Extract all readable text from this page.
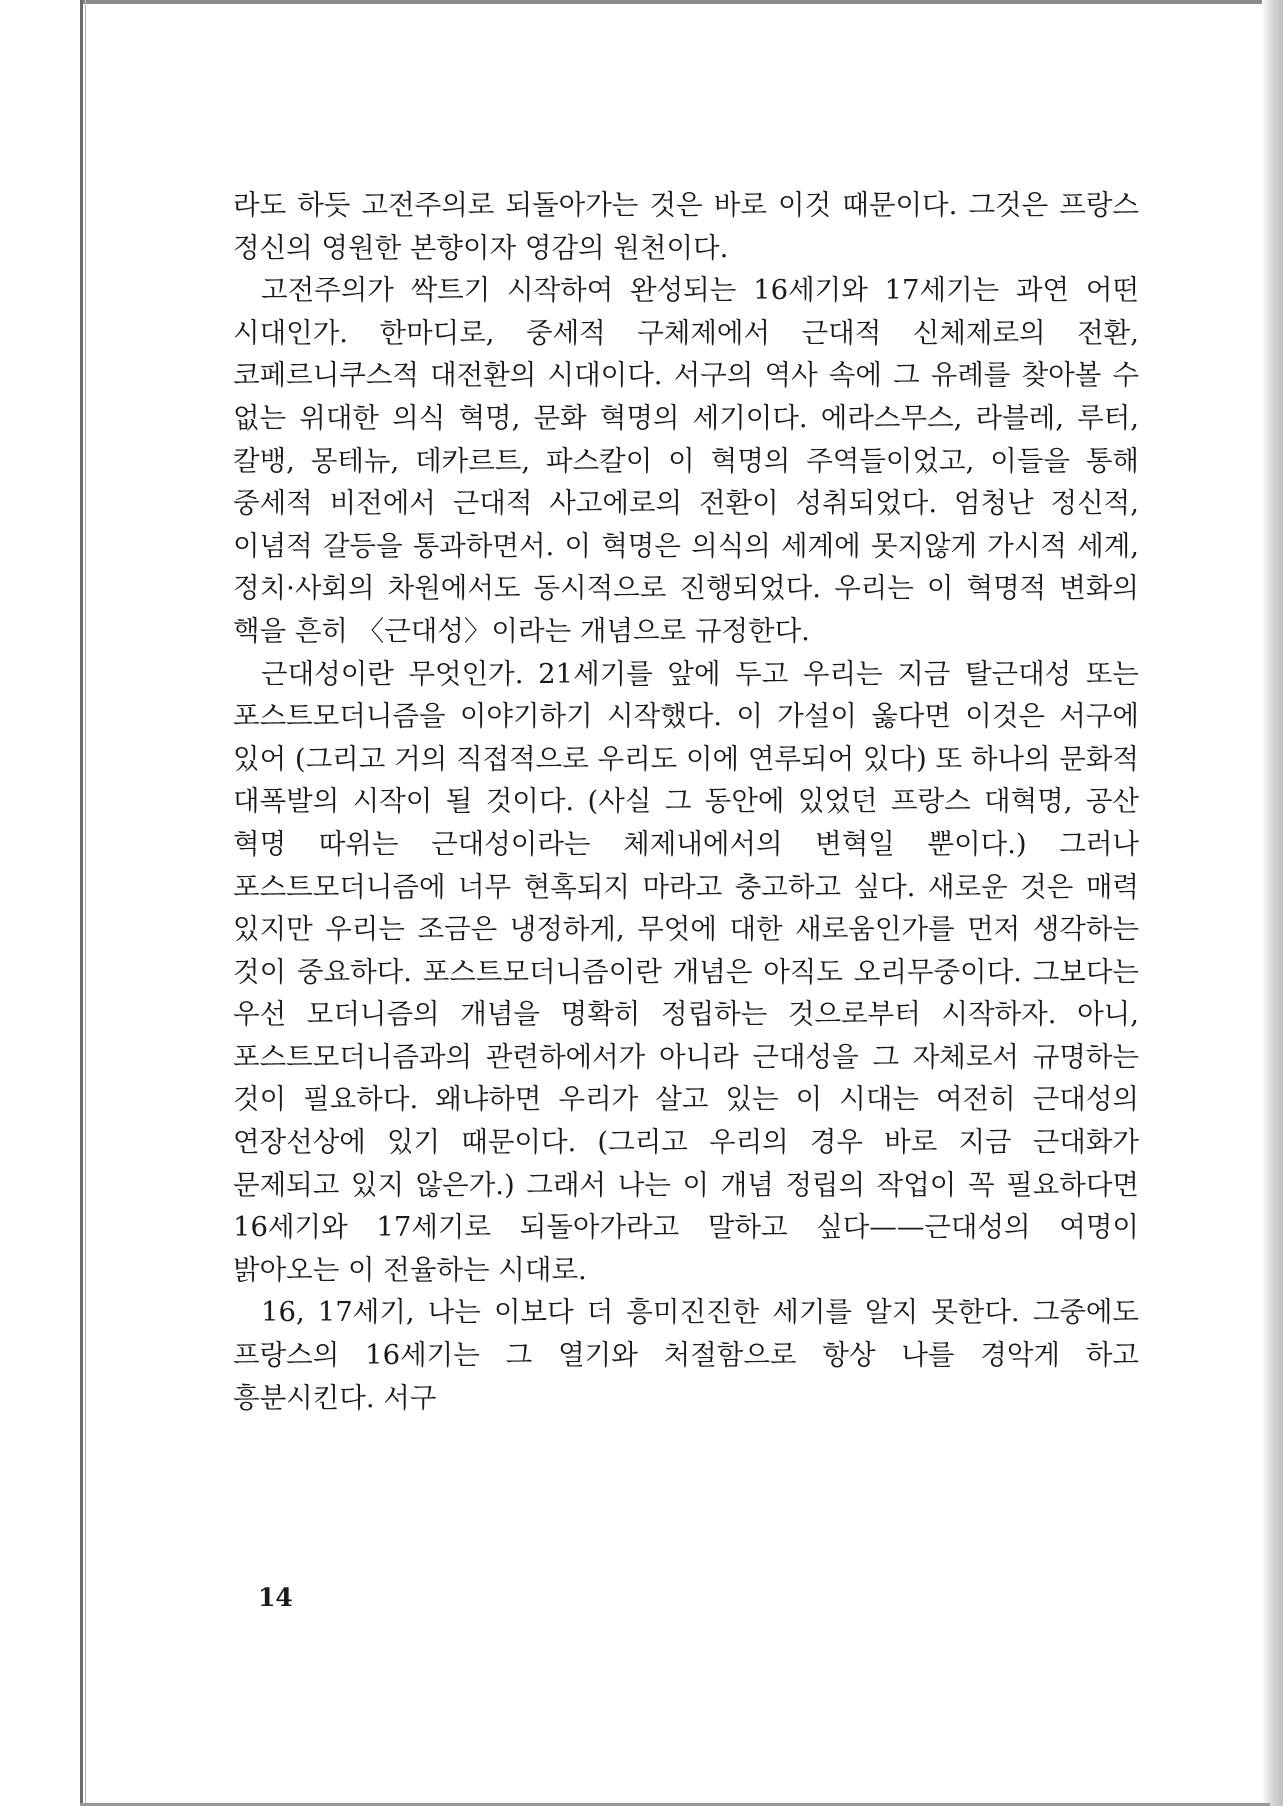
라도 하듯 고전주의로 되돌아가는 것은 바로 이것 때문이다. 그것은 프랑스 정신의 영원한 본향이자 영감의 원천이다.

고전주의가 싹트기 시작하여 완성되는 16세기와 17세기는 과연 어떤 시대인가. 한마디로, 중세적 구체제에서 근대적 신체제로의 전환, 코페르니쿠스적 대전환의 시대이다. 서구의 역사 속에 그 유례를 찾아볼 수 없는 위대한 의식 혁명, 문화 혁명의 세기이다. 에라스무스, 라블레, 루터, 칼뱅, 몽테뉴, 데카르트, 파스칼이 이 혁명의 주역들이었고, 이들을 통해 중세적 비전에서 근대적 사고에로의 전환이 성취되었다. 엄청난 정신적, 이념적 갈등을 통과하면서. 이 혁명은 의식의 세계에 못지않게 가시적 세계, 정치·사회의 차원에서도 동시적으로 진행되었다. 우리는 이 혁명적 변화의 핵을 흔히 〈근대성〉이라는 개념으로 규정한다.

근대성이란 무엇인가. 21세기를 앞에 두고 우리는 지금 탈근대성 또는 포스트모더니즘을 이야기하기 시작했다. 이 가설이 옳다면 이것은 서구에 있어 (그리고 거의 직접적으로 우리도 이에 연루되어 있다) 또 하나의 문화적 대폭발의 시작이 될 것이다. (사실 그 동안에 있었던 프랑스 대혁명, 공산 혁명 따위는 근대성이라는 체제내에서의 변혁일 뿐이다.) 그러나 포스트모더니즘에 너무 현혹되지 마라고 충고하고 싶다. 새로운 것은 매력 있지만 우리는 조금은 냉정하게, 무엇에 대한 새로움인가를 먼저 생각하는 것이 중요하다. 포스트모더니즘이란 개념은 아직도 오리무중이다. 그보다는 우선 모더니즘의 개념을 명확히 정립하는 것으로부터 시작하자. 아니, 포스트모더니즘과의 관련하에서가 아니라 근대성을 그 자체로서 규명하는 것이 필요하다. 왜냐하면 우리가 살고 있는 이 시대는 여전히 근대성의 연장선상에 있기 때문이다. (그리고 우리의 경우 바로 지금 근대화가 문제되고 있지 않은가.) 그래서 나는 이 개념 정립의 작업이 꼭 필요하다면 16세기와 17세기로 되돌아가라고 말하고 싶다——근대성의 여명이 밝아오는 이 전율하는 시대로.

16, 17세기, 나는 이보다 더 흥미진진한 세기를 알지 못한다. 그중에도 프랑스의 16세기는 그 열기와 처절함으로 항상 나를 경악게 하고 흥분시킨다. 서구

14
